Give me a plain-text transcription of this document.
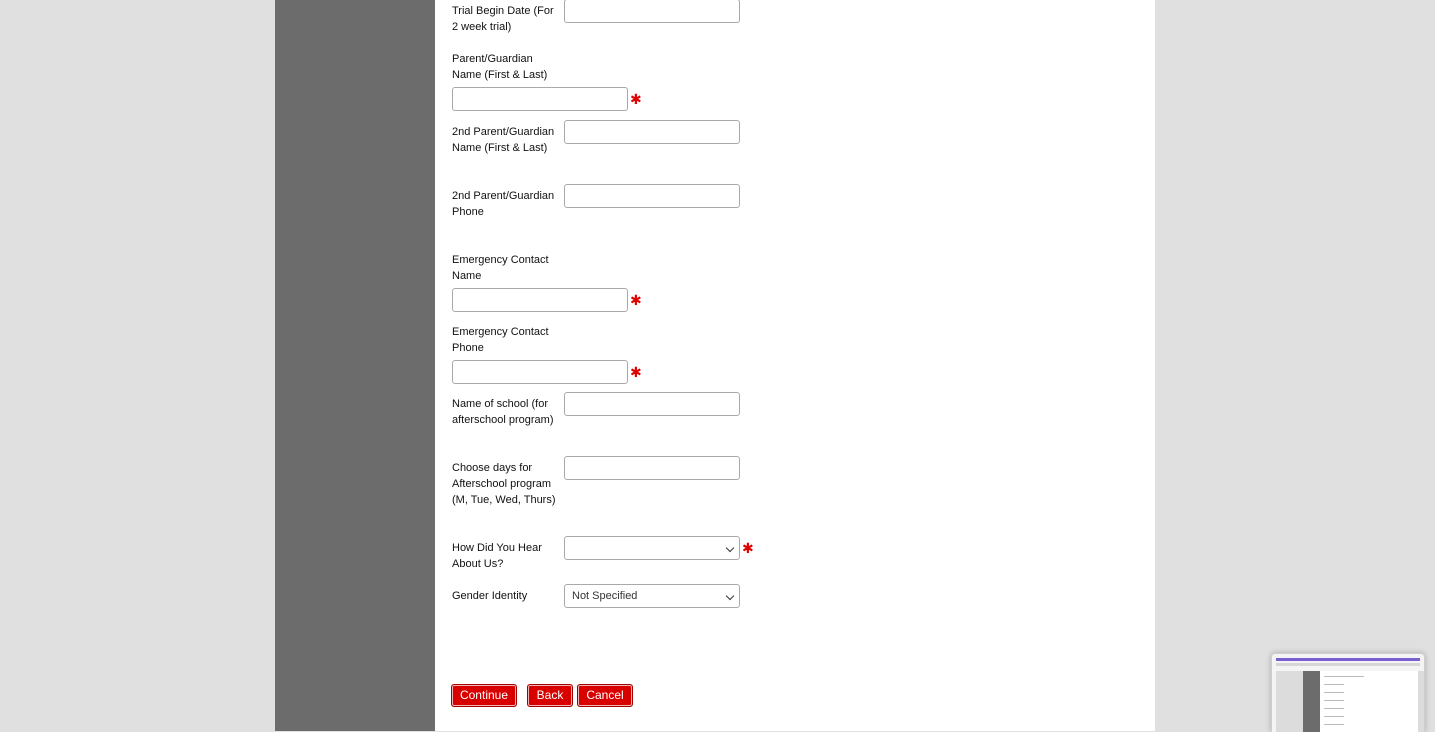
Trial Begin Date (For 2 week trial)
Parent/Guardian Name (First & Last)
✱
2nd Parent/Guardian Name (First & Last)
2nd Parent/Guardian Phone
Emergency Contact Name
✱
Emergency Contact Phone
✱
Name of school (for afterschool program)
Choose days for Afterschool program (M, Tue, Wed, Thurs)
How Did You Hear About Us?
✱
Gender Identity	Not Specified
Continue	Back	Cancel
